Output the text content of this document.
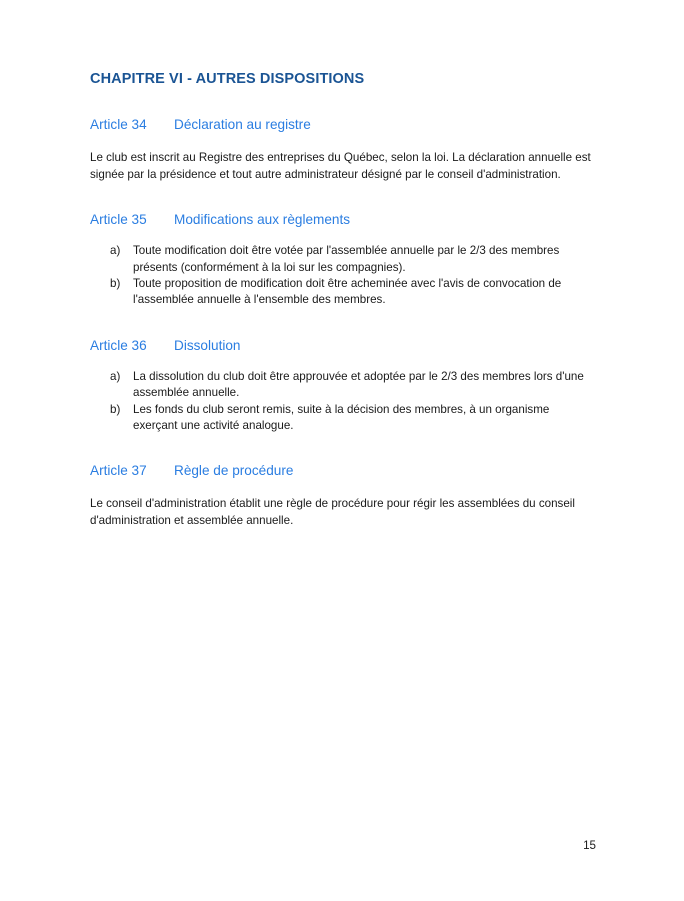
CHAPITRE VI - AUTRES DISPOSITIONS
Article 34 Déclaration au registre

Le club est inscrit au Registre des entreprises du Québec, selon la loi. La déclaration annuelle est signée par la présidence et tout autre administrateur désigné par le conseil d'administration.

Article 35 Modifications aux règlements
a) Toute modification doit être votée par l'assemblée annuelle par le 2/3 des membres présents (conformément à la loi sur les compagnies).
b) Toute proposition de modification doit être acheminée avec l'avis de convocation de l'assemblée annuelle à l'ensemble des membres.
Article 36 Dissolution
a) La dissolution du club doit être approuvée et adoptée par le 2/3 des membres lors d'une assemblée annuelle.
b) Les fonds du club seront remis, suite à la décision des membres, à un organisme exerçant une activité analogue.
Article 37 Règle de procédure

Le conseil d'administration établit une règle de procédure pour régir les assemblées du conseil d'administration et assemblée annuelle.

15
